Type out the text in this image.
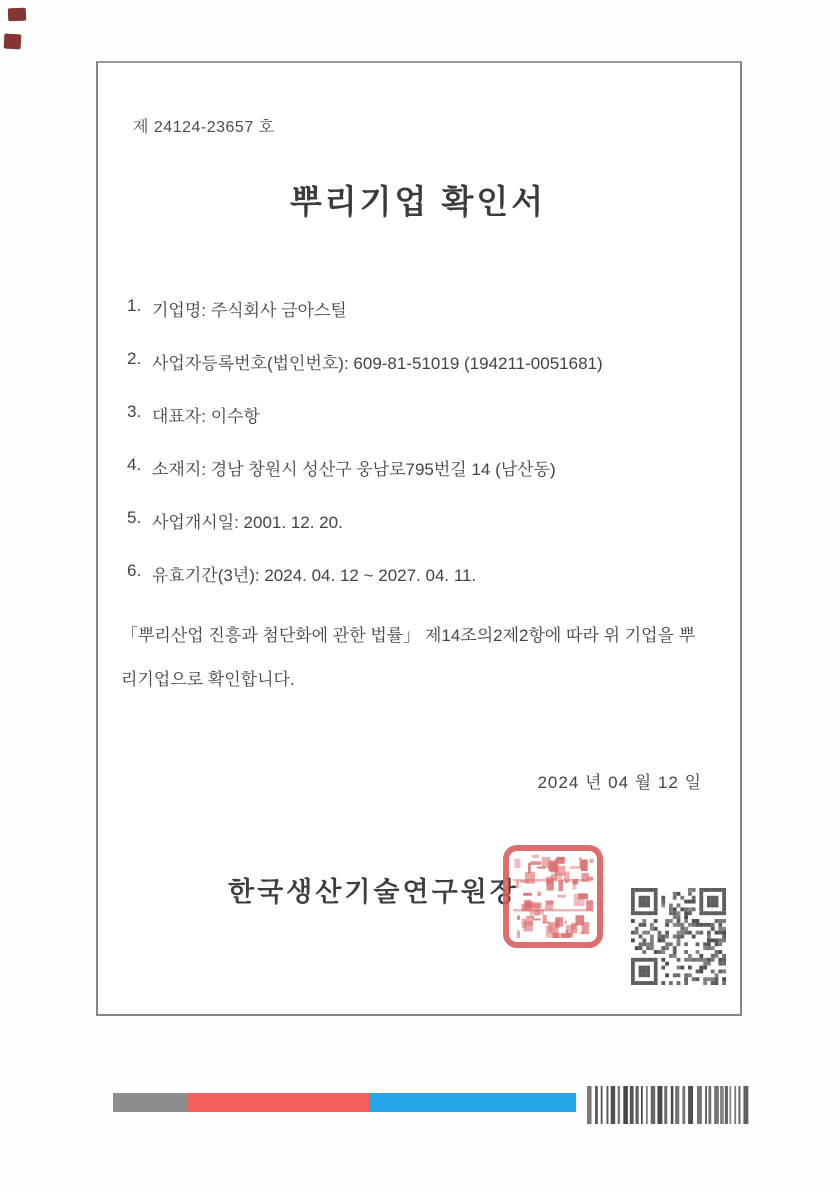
제 24124-23657 호
뿌리기업 확인서
1. 기업명: 주식회사 금아스틸
2. 사업자등록번호(법인번호): 609-81-51019 (194211-0051681)
3. 대표자: 이수항
4. 소재지: 경남 창원시 성산구 웅남로795번길 14 (남산동)
5. 사업개시일: 2001. 12. 20.
6. 유효기간(3년): 2024. 04. 12 ~ 2027. 04. 11.
「뿌리산업 진흥과 첨단화에 관한 법률」 제14조의2제2항에 따라 위 기업을 뿌
리기업으로 확인합니다.
2024 년 04 월 12 일
한국생산기술연구원장
